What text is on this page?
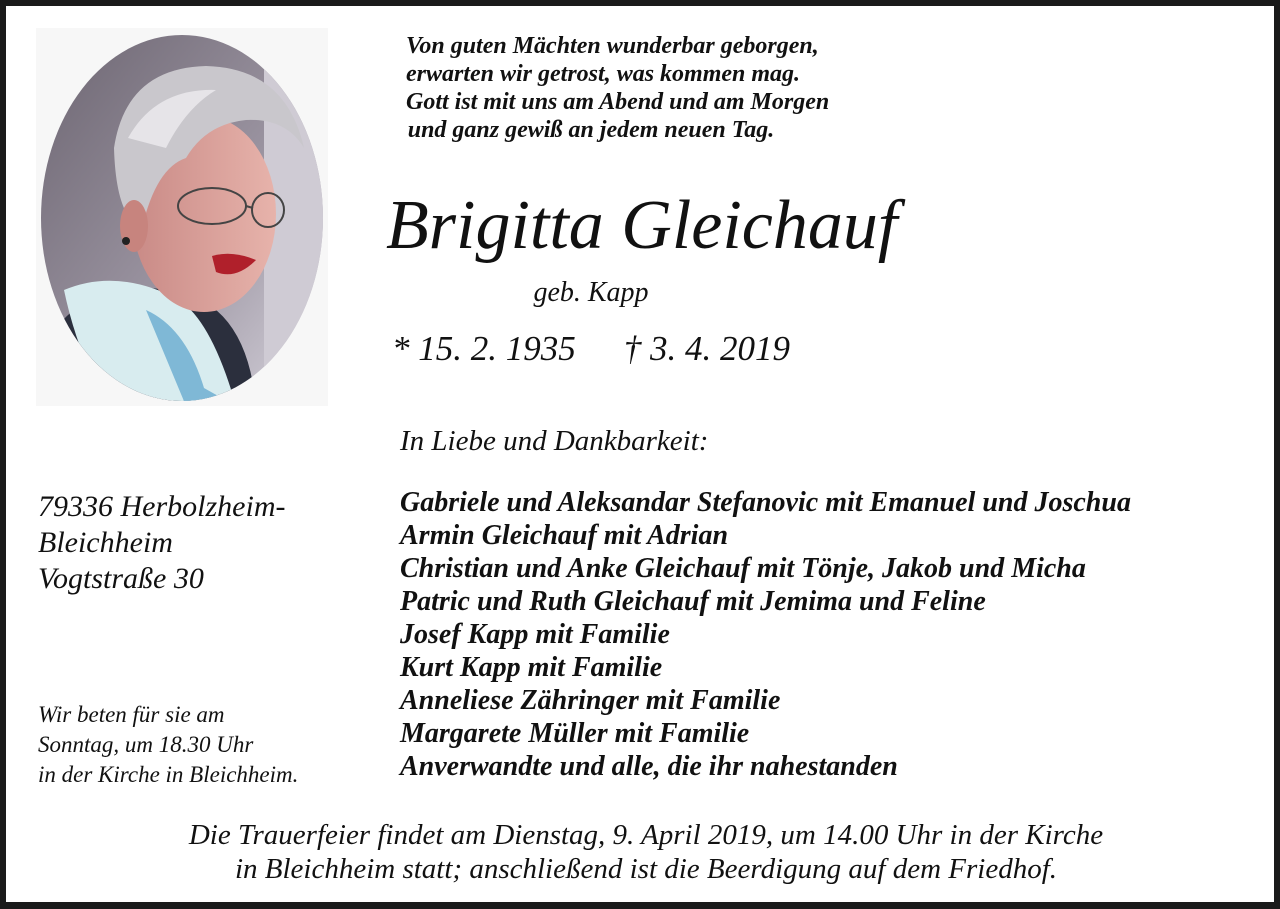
Von guten Mächten wunderbar geborgen,
erwarten wir getrost, was kommen mag.
Gott ist mit uns am Abend und am Morgen
und ganz gewiß an jedem neuen Tag.
Brigitta Gleichauf
geb. Kapp
* 15. 2. 1935 † 3. 4. 2019
In Liebe und Dankbarkeit:
79336 Herbolzheim-
Bleichheim
Vogtstraße 30
Gabriele und Aleksandar Stefanovic mit Emanuel und Joschua
Armin Gleichauf mit Adrian
Christian und Anke Gleichauf mit Tönje, Jakob und Micha
Patric und Ruth Gleichauf mit Jemima und Feline
Josef Kapp mit Familie
Kurt Kapp mit Familie
Anneliese Zähringer mit Familie
Margarete Müller mit Familie
Anverwandte und alle, die ihr nahestanden
Wir beten für sie am
Sonntag, um 18.30 Uhr
in der Kirche in Bleichheim.
Die Trauerfeier findet am Dienstag, 9. April 2019, um 14.00 Uhr in der Kirche
in Bleichheim statt; anschließend ist die Beerdigung auf dem Friedhof.
